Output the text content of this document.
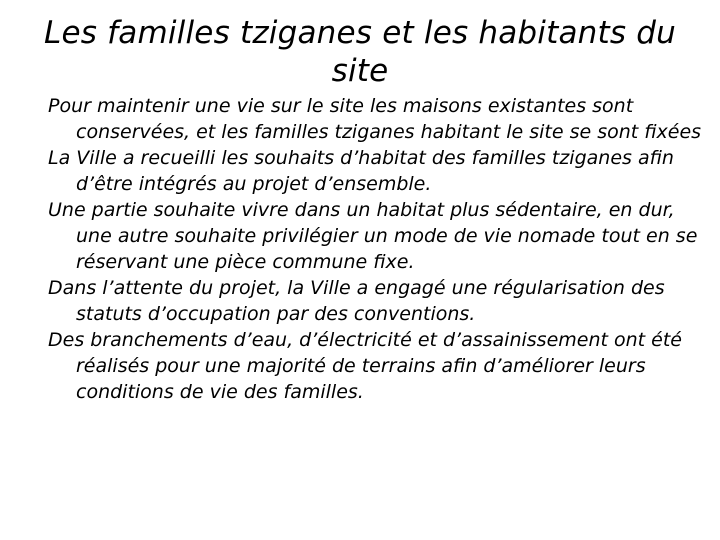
Les familles tziganes et les habitants du site
Pour maintenir une vie sur le site les maisons existantes sont conservées, et les familles tziganes habitant le site se sont fixées
La Ville a recueilli les souhaits d’habitat des familles tziganes afin d’être intégrés au projet d’ensemble.
Une partie souhaite vivre dans un habitat plus sédentaire, en dur, une autre souhaite privilégier un mode de vie nomade tout en se réservant une pièce commune fixe.
Dans l’attente du projet, la Ville a engagé une régularisation des statuts d’occupation par des conventions.
Des branchements d’eau, d’électricité et d’assainissement ont été réalisés pour une majorité de terrains afin d’améliorer leurs conditions de vie des familles.
